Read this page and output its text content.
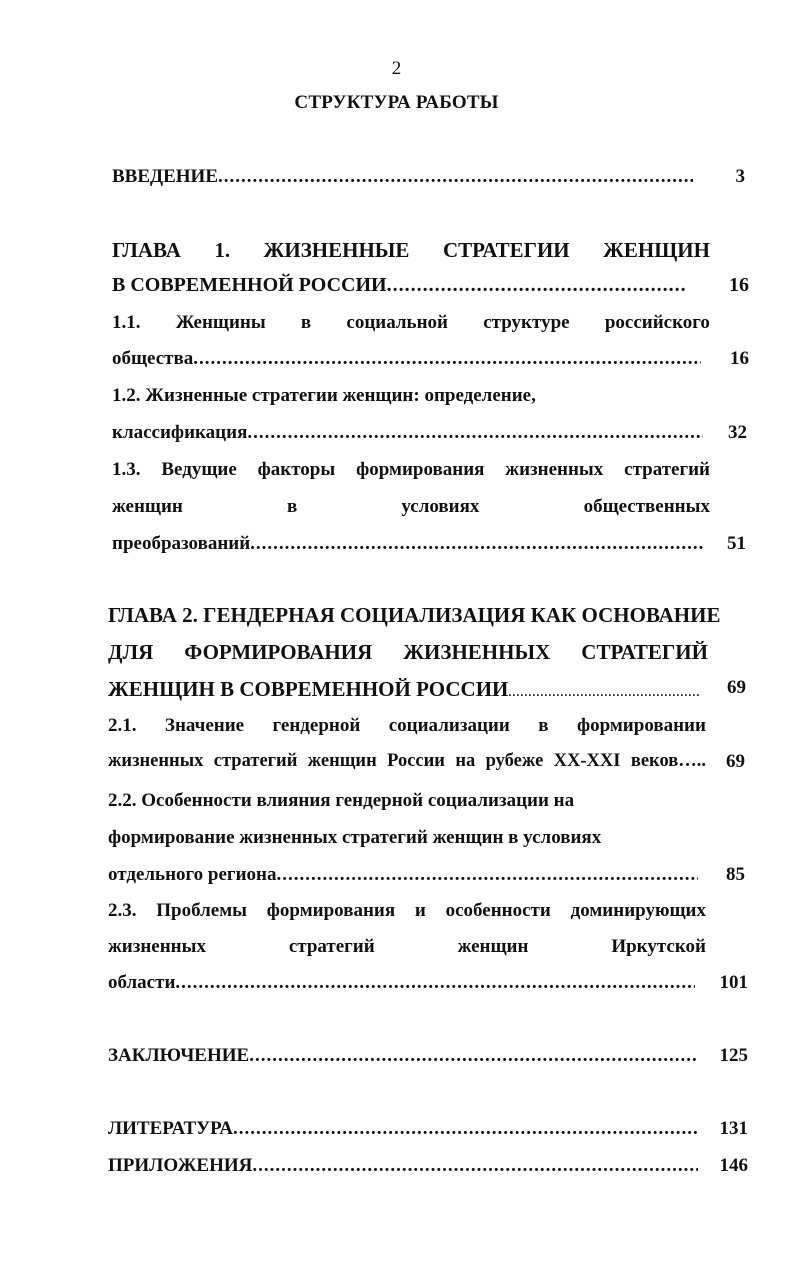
2
СТРУКТУРА РАБОТЫ
ВВЕДЕНИЕ .....	3
ГЛАВА 1. ЖИЗНЕННЫЕ СТРАТЕГИИ ЖЕНЩИН
В СОВРЕМЕННОЙ РОССИИ .....	16
1.1. Женщины в социальной структуре российского
общества .....	16
1.2. Жизненные стратегии женщин: определение,
классификация .....	32
1.3. Ведущие факторы формирования жизненных стратегий
женщин	в	условиях	общественных
преобразований .....	51
ГЛАВА 2. ГЕНДЕРНАЯ СОЦИАЛИЗАЦИЯ КАК ОСНОВАНИЕ
ДЛЯ ФОРМИРОВАНИЯ ЖИЗНЕННЫХ СТРАТЕГИЙ
ЖЕНЩИН В СОВРЕМЕННОЙ РОССИИ .....	69
2.1. Значение гендерной социализации в формировании
жизненных стратегий женщин России на рубеже XX-XXI веков…..	69
2.2. Особенности влияния гендерной социализации на
формирование жизненных стратегий женщин в условиях
отдельного региона .....	85
2.3. Проблемы формирования и особенности доминирующих
жизненных	стратегий	женщин	Иркутской
области .....	101
ЗАКЛЮЧЕНИЕ .....	125
ЛИТЕРАТУРА .....	131
ПРИЛОЖЕНИЯ .....	146
